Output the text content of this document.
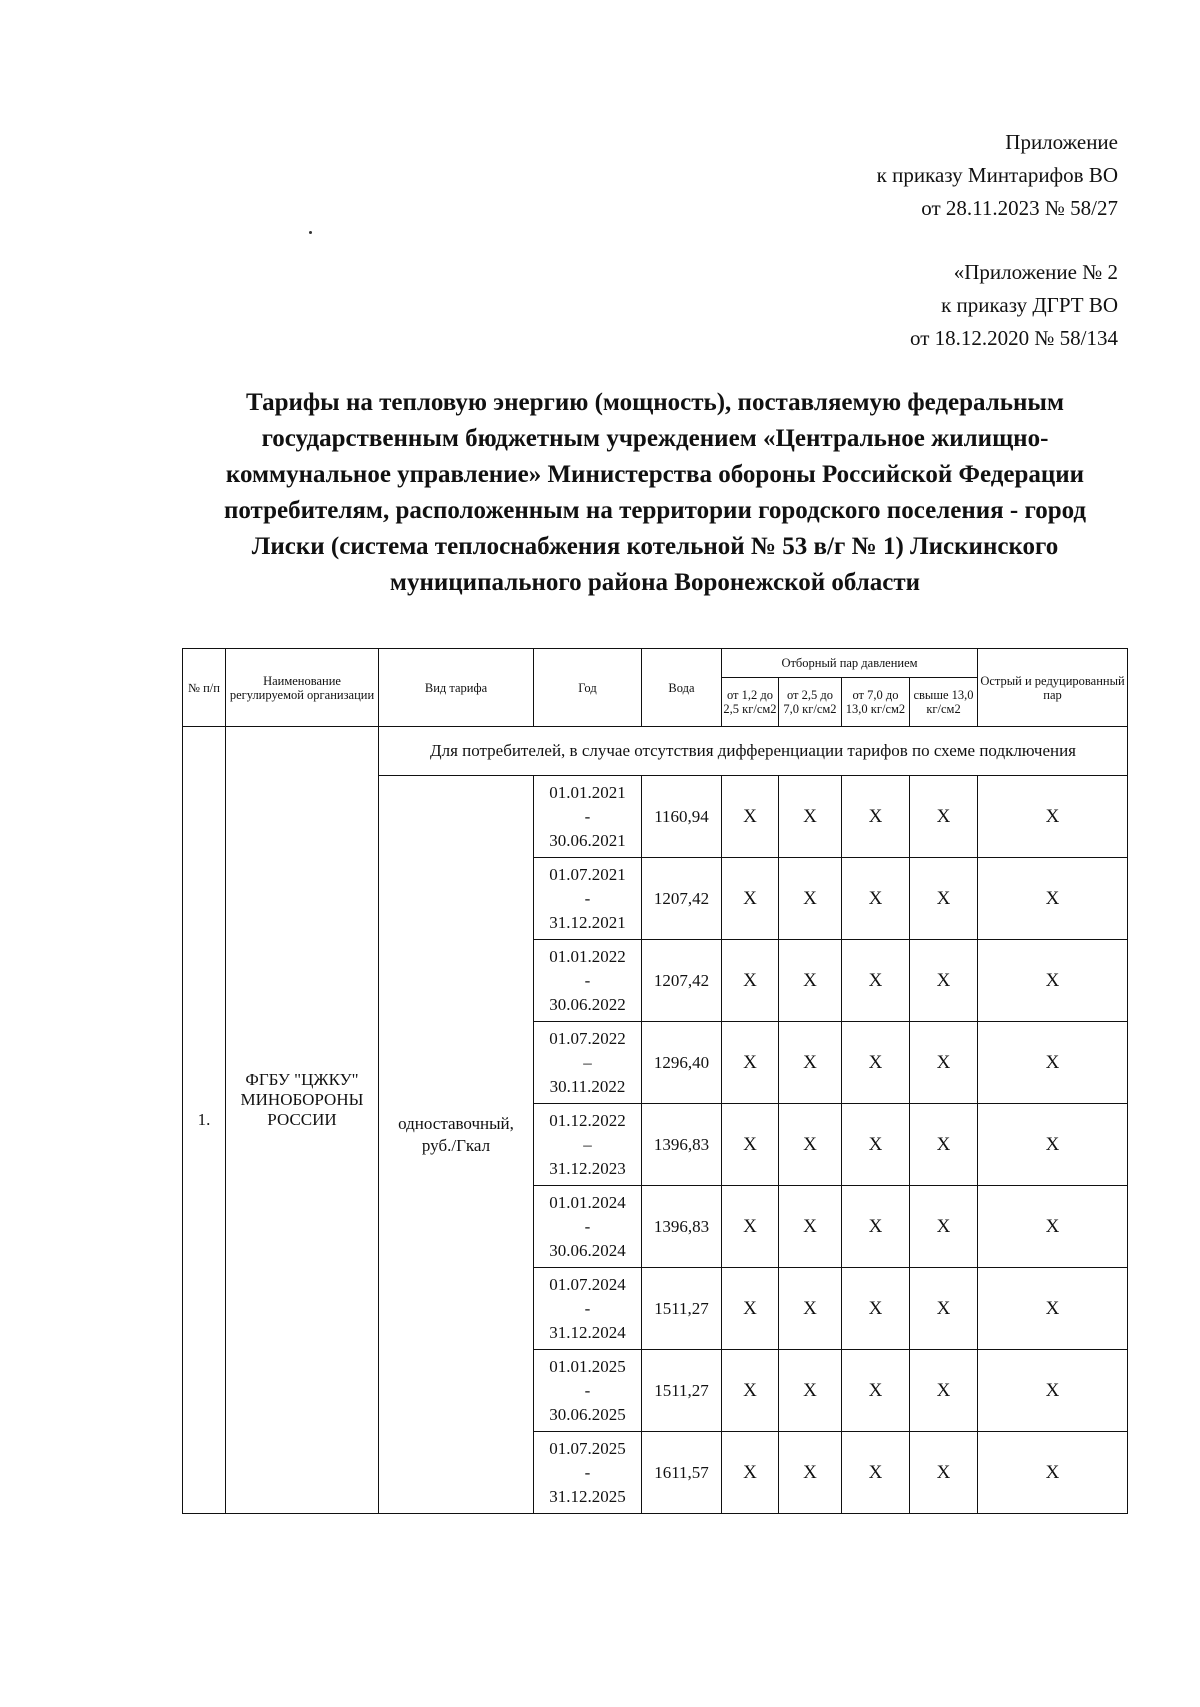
Приложение
к приказу Минтарифов ВО
от 28.11.2023 № 58/27
«Приложение № 2
к приказу ДГРТ ВО
от 18.12.2020 № 58/134
Тарифы на тепловую энергию (мощность), поставляемую федеральным
государственным бюджетным учреждением «Центральное жилищно-
коммунальное управление» Министерства обороны Российской Федерации
потребителям, расположенным на территории городского поселения - город
Лиски (система теплоснабжения котельной № 53 в/г № 1) Лискинского
муниципального района Воронежской области
№ п/п	Наименование регулируемой организации	Вид тарифа	Год	Вода	Отборный пар давлением				Острый и редуцированный пар
					от 1,2 до 2,5 кг/см2	от 2,5 до 7,0 кг/см2	от 7,0 до 13,0 кг/см2	свыше 13,0 кг/см2	
1.	ФГБУ "ЦЖКУ" МИНОБОРОНЫ РОССИИ	Для потребителей, в случае отсутствия дифференциации тарифов по схеме подключения							
		одноставочный, руб./Гкал	01.01.2021
-
30.06.2021	1160,94	X	X	X	X	X

			01.07.2021
-
31.12.2021	1207,42	X	X	X	X	X

			01.01.2022
-
30.06.2022	1207,42	X	X	X	X	X

			01.07.2022
–
30.11.2022	1296,40	X	X	X	X	X

			01.12.2022
–
31.12.2023	1396,83	X	X	X	X	X

			01.01.2024
-
30.06.2024	1396,83	X	X	X	X	X

			01.07.2024
-
31.12.2024	1511,27	X	X	X	X	X

			01.01.2025
-
30.06.2025	1511,27	X	X	X	X	X

			01.07.2025
-
31.12.2025	1611,57	X	X	X	X	X
